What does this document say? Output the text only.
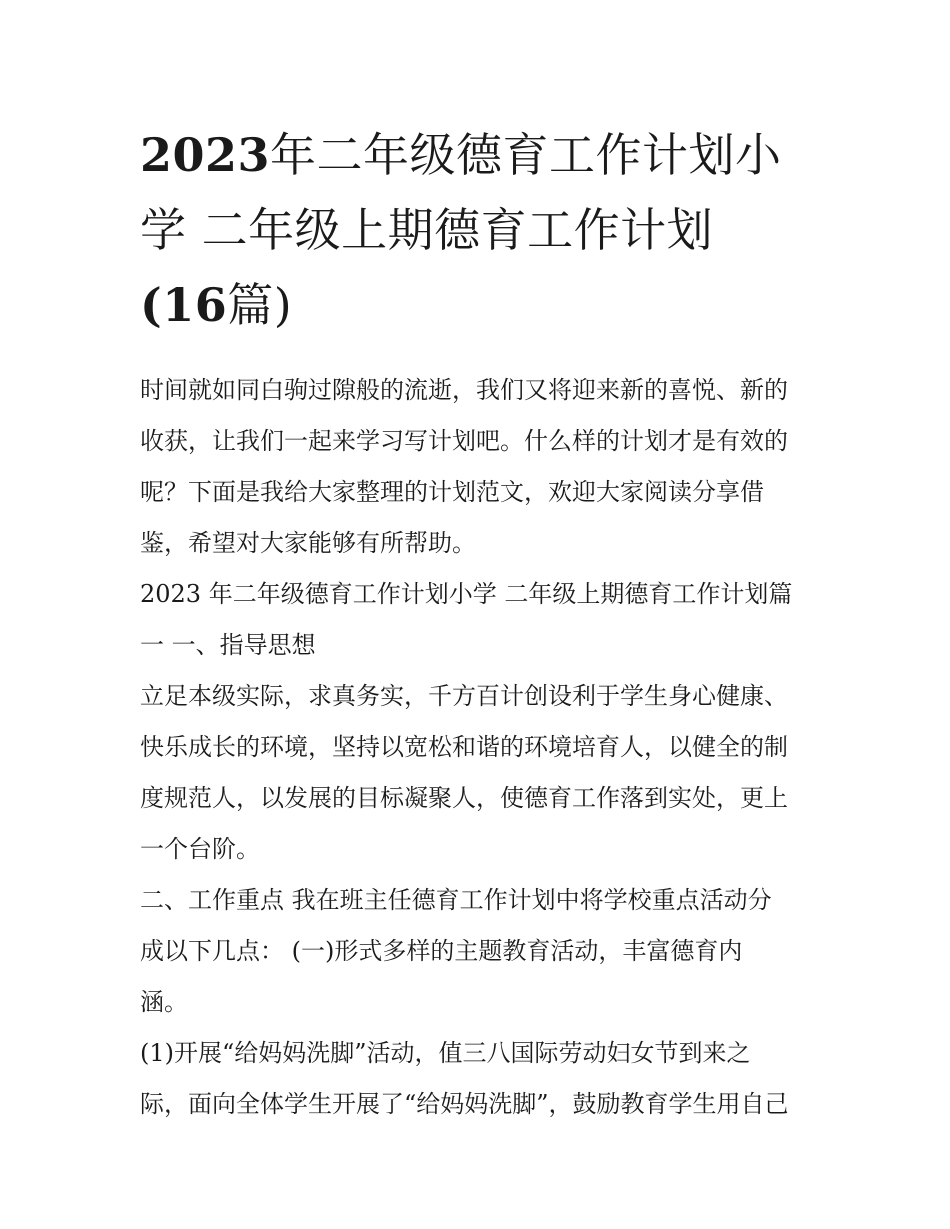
2023年二年级德育工作计划小
学 二年级上期德育工作计划
(16篇)
时间就如同白驹过隙般的流逝，我们又将迎来新的喜悦、新的
收获，让我们一起来学习写计划吧。什么样的计划才是有效的
呢？下面是我给大家整理的计划范文，欢迎大家阅读分享借
鉴，希望对大家能够有所帮助。
2023 年二年级德育工作计划小学 二年级上期德育工作计划篇
一 一、指导思想
立足本级实际，求真务实，千方百计创设利于学生身心健康、
快乐成长的环境，坚持以宽松和谐的环境培育人，以健全的制
度规范人，以发展的目标凝聚人，使德育工作落到实处，更上
一个台阶。
二、工作重点 我在班主任德育工作计划中将学校重点活动分
成以下几点： (一)形式多样的主题教育活动，丰富德育内
涵。
(1)开展“给妈妈洗脚”活动，值三八国际劳动妇女节到来之
际，面向全体学生开展了“给妈妈洗脚”，鼓励教育学生用自己
